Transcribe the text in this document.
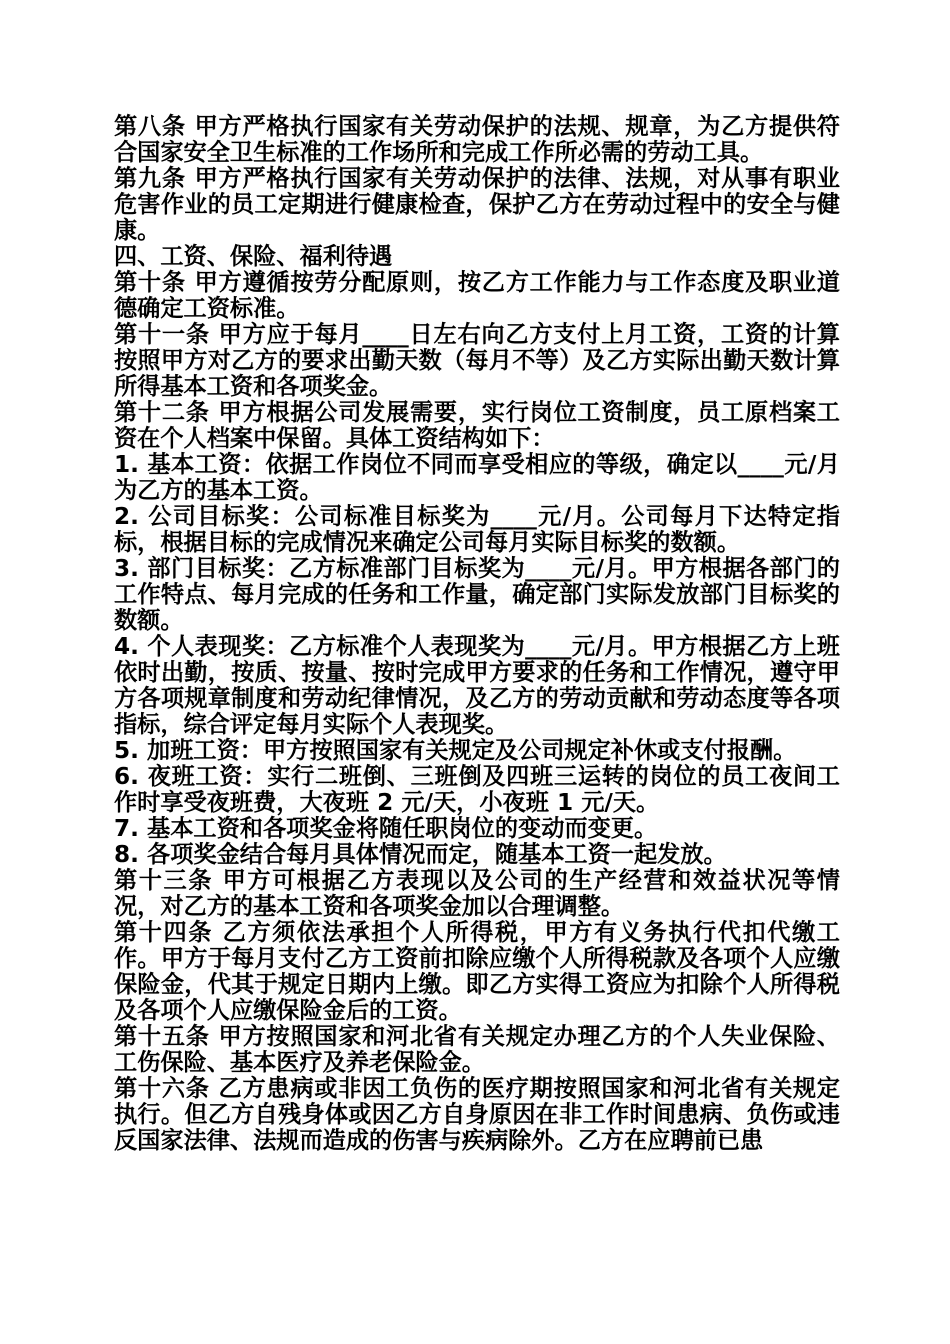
第八条 甲方严格执行国家有关劳动保护的法规、规章，为乙方提供符合国家安全卫生标准的工作场所和完成工作所必需的劳动工具。

第九条 甲方严格执行国家有关劳动保护的法律、法规，对从事有职业危害作业的员工定期进行健康检查，保护乙方在劳动过程中的安全与健康。

四、工资、保险、福利待遇

第十条 甲方遵循按劳分配原则，按乙方工作能力与工作态度及职业道德确定工资标准。

第十一条 甲方应于每月____日左右向乙方支付上月工资，工资的计算按照甲方对乙方的要求出勤天数（每月不等）及乙方实际出勤天数计算所得基本工资和各项奖金。

第十二条 甲方根据公司发展需要，实行岗位工资制度，员工原档案工资在个人档案中保留。具体工资结构如下：

1. 基本工资：依据工作岗位不同而享受相应的等级，确定以____元/月为乙方的基本工资。

2. 公司目标奖：公司标准目标奖为____元/月。公司每月下达特定指标，根据目标的完成情况来确定公司每月实际目标奖的数额。

3. 部门目标奖：乙方标准部门目标奖为____元/月。甲方根据各部门的工作特点、每月完成的任务和工作量，确定部门实际发放部门目标奖的数额。

4. 个人表现奖：乙方标准个人表现奖为____元/月。甲方根据乙方上班依时出勤，按质、按量、按时完成甲方要求的任务和工作情况，遵守甲方各项规章制度和劳动纪律情况，及乙方的劳动贡献和劳动态度等各项指标，综合评定每月实际个人表现奖。

5. 加班工资：甲方按照国家有关规定及公司规定补休或支付报酬。

6. 夜班工资：实行二班倒、三班倒及四班三运转的岗位的员工夜间工作时享受夜班费，大夜班 2 元/天，小夜班 1 元/天。

7. 基本工资和各项奖金将随任职岗位的变动而变更。

8. 各项奖金结合每月具体情况而定，随基本工资一起发放。

第十三条 甲方可根据乙方表现以及公司的生产经营和效益状况等情况，对乙方的基本工资和各项奖金加以合理调整。

第十四条 乙方须依法承担个人所得税，甲方有义务执行代扣代缴工作。甲方于每月支付乙方工资前扣除应缴个人所得税款及各项个人应缴保险金，代其于规定日期内上缴。即乙方实得工资应为扣除个人所得税及各项个人应缴保险金后的工资。

第十五条 甲方按照国家和河北省有关规定办理乙方的个人失业保险、工伤保险、基本医疗及养老保险金。

第十六条 乙方患病或非因工负伤的医疗期按照国家和河北省有关规定执行。但乙方自残身体或因乙方自身原因在非工作时间患病、负伤或违反国家法律、法规而造成的伤害与疾病除外。乙方在应聘前已患
